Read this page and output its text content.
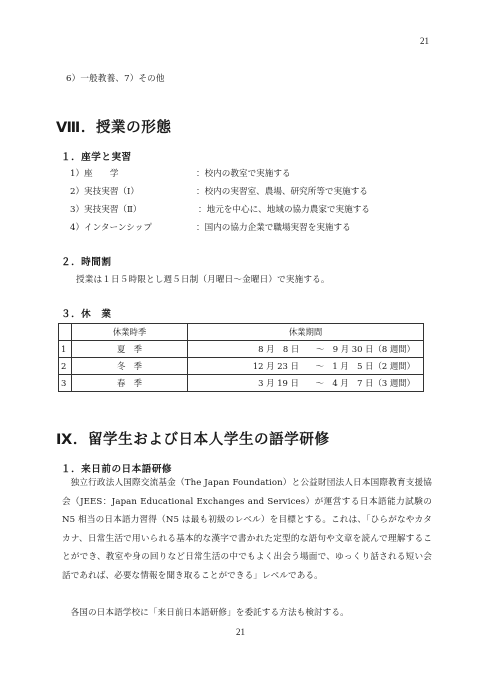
21
6）一般教養、7）その他
Ⅷ．授業の形態
１．座学と実習
1）座　　学	：校内の教室で実施する
2）実技実習（Ⅰ）	：校内の実習室、農場、研究所等で実施する
3）実技実習（Ⅱ）	：地元を中心に、地域の協力農家で実施する
4）インターンシップ	：国内の協力企業で職場実習を実施する
２．時間割
授業は１日５時限とし週５日制（月曜日～金曜日）で実施する。
３．休　業
	休業時季	休業期間
1	夏　季	8 月　8 日　　～　9 月 30 日（8 週間）
2	冬　季	12 月 23 日　　～　1 月　5 日（2 週間）
3	春　季	3 月 19 日　　～　4 月　7 日（3 週間）
Ⅸ．留学生および日本人学生の語学研修
１．来日前の日本語研修
独立行政法人国際交流基金（The Japan Foundation）と公益財団法人日本国際教育支援協会（JEES：Japan Educational Exchanges and Services）が運営する日本語能力試験の N5 相当の日本語力習得（N5 は最も初級のレベル）を目標とする。これは、「ひらがなやカタカナ、日常生活で用いられる基本的な漢字で書かれた定型的な語句や文章を読んで理解することができ、教室や身の回りなど日常生活の中でもよく出会う場面で、ゆっくり話される短い会話であれば、必要な情報を聞き取ることができる」レベルである。
各国の日本語学校に「来日前日本語研修」を委託する方法も検討する。
21
